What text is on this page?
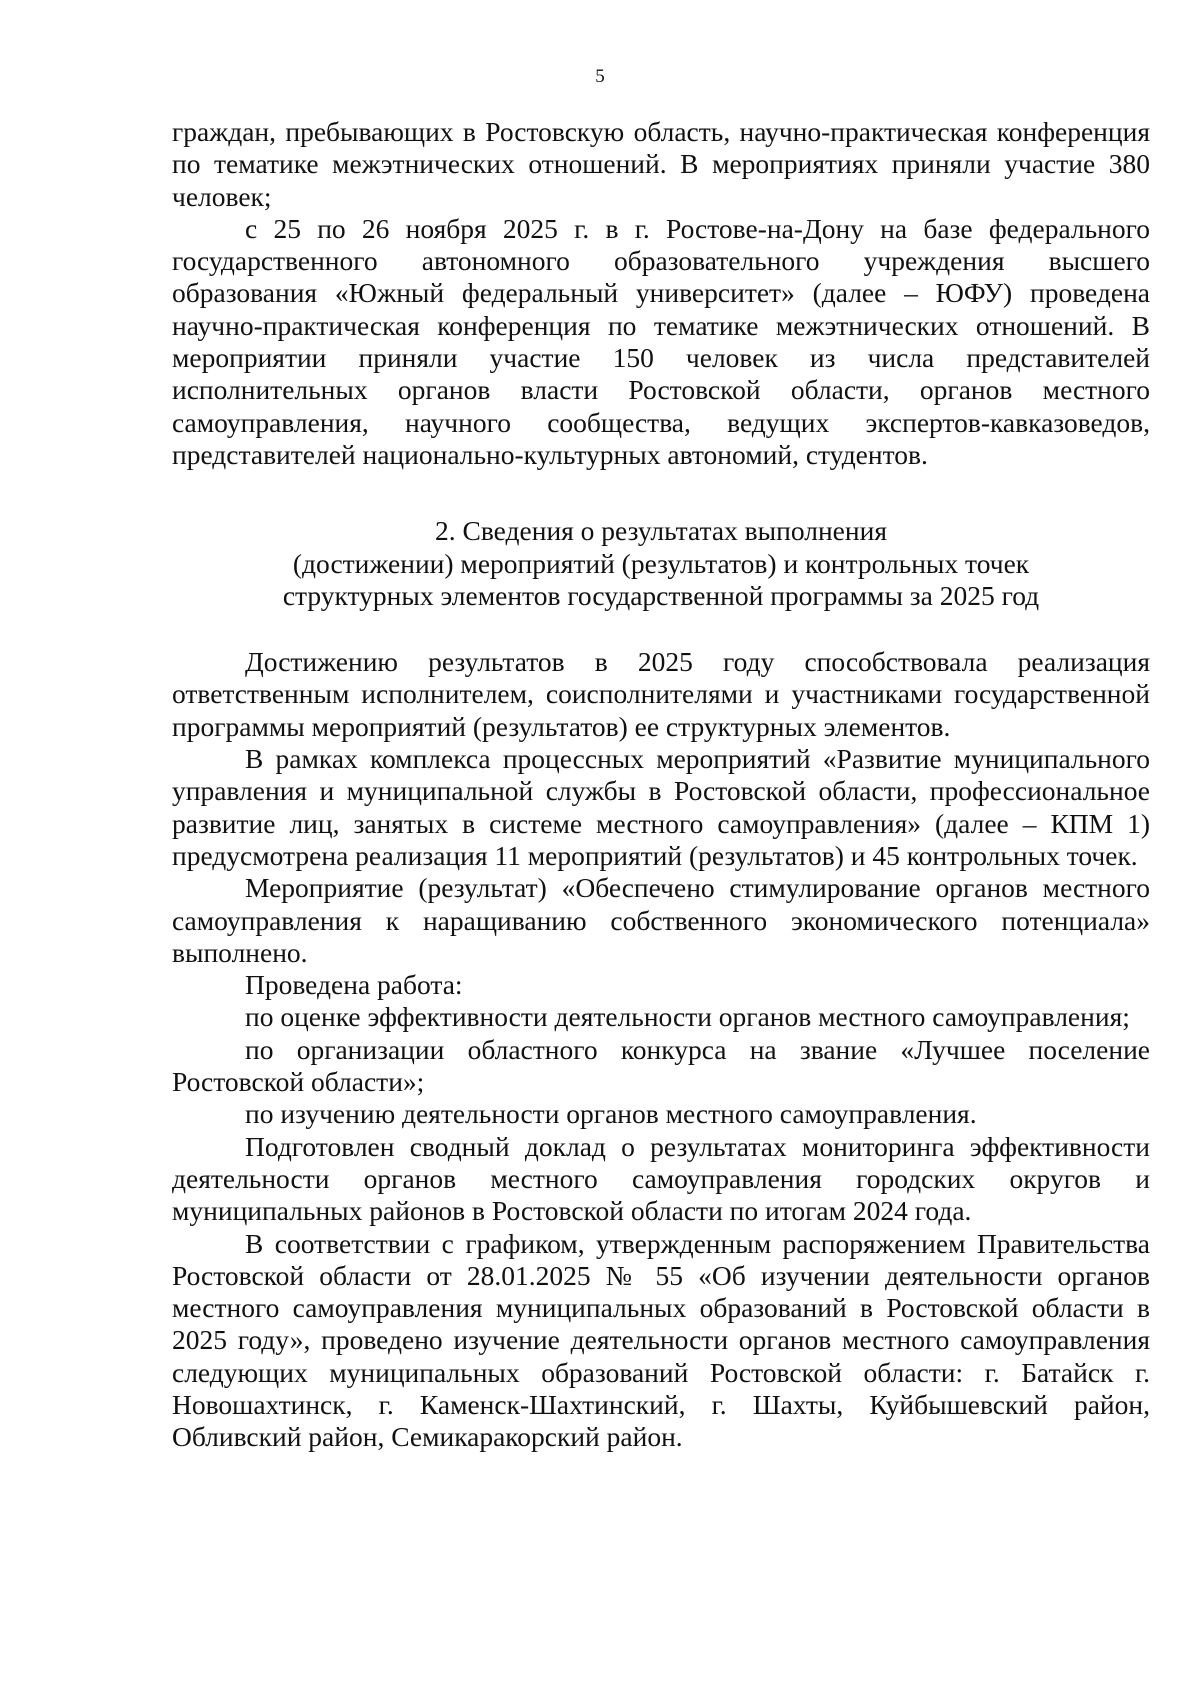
5

граждан, пребывающих в Ростовскую область, научно-практическая конференция по тематике межэтнических отношений. В мероприятиях приняли участие 380 человек;

с 25 по 26 ноября 2025 г. в г. Ростове-на-Дону на базе федерального государственного автономного образовательного учреждения высшего образования «Южный федеральный университет» (далее – ЮФУ) проведена научно-практическая конференция по тематике межэтнических отношений. В мероприятии приняли участие 150 человек из числа представителей исполнительных органов власти Ростовской области, органов местного самоуправления, научного сообщества, ведущих экспертов-кавказоведов, представителей национально-культурных автономий, студентов.

2. Сведения о результатах выполнения
(достижении) мероприятий (результатов) и контрольных точек
структурных элементов государственной программы за 2025 год

Достижению результатов в 2025 году способствовала реализация ответственным исполнителем, соисполнителями и участниками государственной программы мероприятий (результатов) ее структурных элементов.

В рамках комплекса процессных мероприятий «Развитие муниципального управления и муниципальной службы в Ростовской области, профессиональное развитие лиц, занятых в системе местного самоуправления» (далее – КПМ 1) предусмотрена реализация 11 мероприятий (результатов) и 45 контрольных точек.

Мероприятие (результат) «Обеспечено стимулирование органов местного самоуправления к наращиванию собственного экономического потенциала» выполнено.

Проведена работа:

по оценке эффективности деятельности органов местного самоуправления;

по организации областного конкурса на звание «Лучшее поселение Ростовской области»;

по изучению деятельности органов местного самоуправления.

Подготовлен сводный доклад о результатах мониторинга эффективности деятельности органов местного самоуправления городских округов и муниципальных районов в Ростовской области по итогам 2024 года.

В соответствии с графиком, утвержденным распоряжением Правительства Ростовской области от 28.01.2025 № 55 «Об изучении деятельности органов местного самоуправления муниципальных образований в Ростовской области в 2025 году», проведено изучение деятельности органов местного самоуправления следующих муниципальных образований Ростовской области: г. Батайск г. Новошахтинск, г. Каменск-Шахтинский, г. Шахты, Куйбышевский район, Обливский район, Семикаракорский район.
